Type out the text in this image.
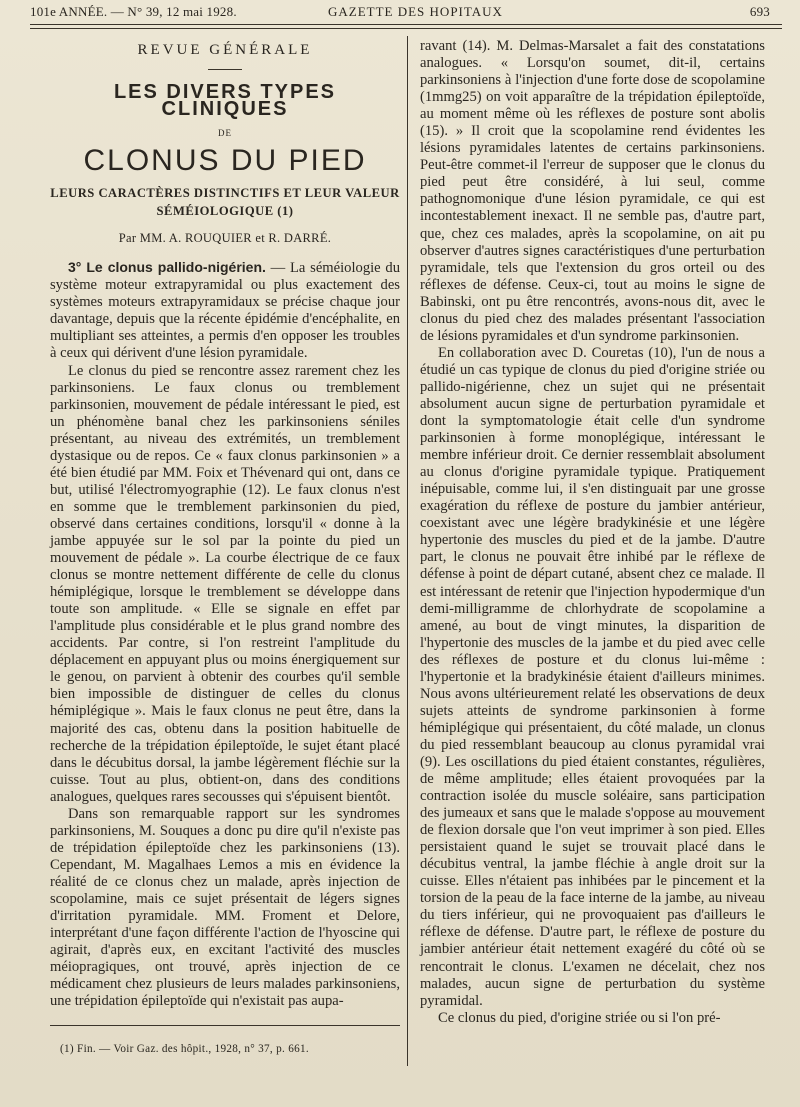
101e ANNÉE. — N° 39, 12 mai 1928.	GAZETTE DES HOPITAUX	693
REVUE GÉNÉRALE
LES DIVERS TYPES CLINIQUES
DE
CLONUS DU PIED
LEURS CARACTÈRES DISTINCTIFS ET LEUR VALEUR
SÉMÉIOLOGIQUE (1)
Par MM. A. ROUQUIER et R. DARRÉ.

3° Le clonus pallido-nigérien. — La séméiologie du système moteur extrapyramidal ou plus exactement des systèmes moteurs extrapyramidaux se précise chaque jour davantage, depuis que la récente épidémie d'encéphalite, en multipliant ses atteintes, a permis d'en opposer les troubles à ceux qui dérivent d'une lésion pyramidale.

Le clonus du pied se rencontre assez rarement chez les parkinsoniens. Le faux clonus ou tremblement parkinsonien, mouvement de pédale intéressant le pied, est un phénomène banal chez les parkinsoniens séniles présentant, au niveau des extrémités, un tremblement dystasique ou de repos. Ce « faux clonus parkinsonien » a été bien étudié par MM. Foix et Thévenard qui ont, dans ce but, utilisé l'électromyographie (12). Le faux clonus n'est en somme que le tremblement parkinsonien du pied, observé dans certaines conditions, lorsqu'il « donne à la jambe appuyée sur le sol par la pointe du pied un mouvement de pédale ». La courbe électrique de ce faux clonus se montre nettement différente de celle du clonus hémiplégique, lorsque le tremblement se développe dans toute son amplitude. « Elle se signale en effet par l'amplitude plus considérable et le plus grand nombre des accidents. Par contre, si l'on restreint l'amplitude du déplacement en appuyant plus ou moins énergiquement sur le genou, on parvient à obtenir des courbes qu'il semble bien impossible de distinguer de celles du clonus hémiplégique ». Mais le faux clonus ne peut être, dans la majorité des cas, obtenu dans la position habituelle de recherche de la trépidation épileptoïde, le sujet étant placé dans le décubitus dorsal, la jambe légèrement fléchie sur la cuisse. Tout au plus, obtient-on, dans des conditions analogues, quelques rares secousses qui s'épuisent bientôt.

Dans son remarquable rapport sur les syndromes parkinsoniens, M. Souques a donc pu dire qu'il n'existe pas de trépidation épileptoïde chez les parkinsoniens (13). Cependant, M. Magalhaes Lemos a mis en évidence la réalité de ce clonus chez un malade, après injection de scopolamine, mais ce sujet présentait de légers signes d'irritation pyramidale. MM. Froment et Delore, interprétant d'une façon différente l'action de l'hyoscine qui agirait, d'après eux, en excitant l'activité des muscles méiopragiques, ont trouvé, après injection de ce médicament chez plusieurs de leurs malades parkinsoniens, une trépidation épileptoïde qui n'existait pas aupa-

ravant (14). M. Delmas-Marsalet a fait des constatations analogues. « Lorsqu'on soumet, dit-il, certains parkinsoniens à l'injection d'une forte dose de scopolamine (1mmg25) on voit apparaître de la trépidation épileptoïde, au moment même où les réflexes de posture sont abolis (15). » Il croit que la scopolamine rend évidentes les lésions pyramidales latentes de certains parkinsoniens. Peut-être commet-il l'erreur de supposer que le clonus du pied peut être considéré, à lui seul, comme pathognomonique d'une lésion pyramidale, ce qui est incontestablement inexact. Il ne semble pas, d'autre part, que, chez ces malades, après la scopolamine, on ait pu observer d'autres signes caractéristiques d'une perturbation pyramidale, tels que l'extension du gros orteil ou des réflexes de défense. Ceux-ci, tout au moins le signe de Babinski, ont pu être rencontrés, avons-nous dit, avec le clonus du pied chez des malades présentant l'association de lésions pyramidales et d'un syndrome parkinsonien.

En collaboration avec D. Couretas (10), l'un de nous a étudié un cas typique de clonus du pied d'origine striée ou pallido-nigérienne, chez un sujet qui ne présentait absolument aucun signe de perturbation pyramidale et dont la symptomatologie était celle d'un syndrome parkinsonien à forme monoplégique, intéressant le membre inférieur droit. Ce dernier ressemblait absolument au clonus d'origine pyramidale typique. Pratiquement inépuisable, comme lui, il s'en distinguait par une grosse exagération du réflexe de posture du jambier antérieur, coexistant avec une légère bradykinésie et une légère hypertonie des muscles du pied et de la jambe. D'autre part, le clonus ne pouvait être inhibé par le réflexe de défense à point de départ cutané, absent chez ce malade. Il est intéressant de retenir que l'injection hypodermique d'un demi-milligramme de chlorhydrate de scopolamine a amené, au bout de vingt minutes, la disparition de l'hypertonie des muscles de la jambe et du pied avec celle des réflexes de posture et du clonus lui-même : l'hypertonie et la bradykinésie étaient d'ailleurs minimes. Nous avons ultérieurement relaté les observations de deux sujets atteints de syndrome parkinsonien à forme hémiplégique qui présentaient, du côté malade, un clonus du pied ressemblant beaucoup au clonus pyramidal vrai (9). Les oscillations du pied étaient constantes, régulières, de même amplitude; elles étaient provoquées par la contraction isolée du muscle soléaire, sans participation des jumeaux et sans que le malade s'oppose au mouvement de flexion dorsale que l'on veut imprimer à son pied. Elles persistaient quand le sujet se trouvait placé dans le décubitus ventral, la jambe fléchie à angle droit sur la cuisse. Elles n'étaient pas inhibées par le pincement et la torsion de la peau de la face interne de la jambe, au niveau du tiers inférieur, qui ne provoquaient pas d'ailleurs le réflexe de défense. D'autre part, le réflexe de posture du jambier antérieur était nettement exagéré du côté où se rencontrait le clonus. L'examen ne décelait, chez nos malades, aucun signe de perturbation du système pyramidal.

Ce clonus du pied, d'origine striée ou si l'on pré-

(1) Fin. — Voir Gaz. des hôpit., 1928, n° 37, p. 661.
